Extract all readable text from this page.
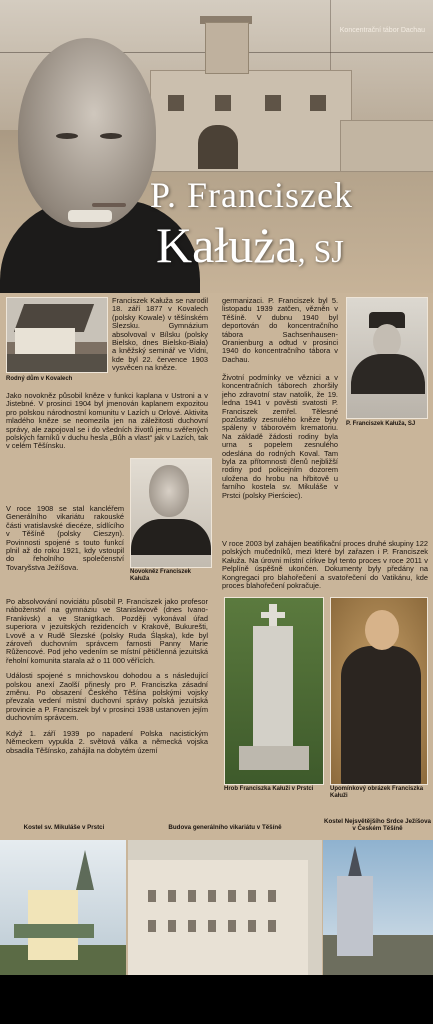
Koncentrační tábor Dachau
P. Franciszek
Kałuża, SJ
Rodný dům v Kovalech
Novokněz Franciszek Kałuža

Franciszek Kałuža se narodil 18. září 1877 v Kovalech (polsky Kowale) v těšínském Slezsku. Gymnázium absolvoval v Bílsku (polsky Bielsko, dnes Bielsko-Biała) a kněžský seminář ve Vídni, kde byl 22. července 1903 vysvěcen na kněze.

Jako novokněz působil kněze v funkci kaplana v Ustroni a v Jistebné. V prosinci 1904 byl jmenován kaplanem expozitou pro polskou národnostní komunitu v Lazích u Orlové. Aktivita mladého kněze se neomezila jen na záležitosti duchovní správy, ale zapojoval se i do všedních životů jemu svěřených polských farníků v duchu hesla „Bůh a vlast“ jak v Lazích, tak v celém Těšínsku.

V roce 1908 se stal kancléřem Generálního vikariátu rakouské části vratislavské diecéze, sídlícího v Těšíně (polsky Cieszyn). Povinnosti spojené s touto funkcí plnil až do roku 1921, kdy vstoupil do řeholního společenství Tovaryšstva Ježíšova.

Po absolvování noviciátu působil P. Franciszek jako profesor náboženství na gymnáziu ve Stanislavově (dnes Ivano-Frankivsk) a ve Stanigtkach. Později vykonával úřad superiora v jezuitských rezidencích v Krakově, Bukurešti, Lvově a v Rudě Slezské (polsky Ruda Śląska), kde byl zároveň duchovním správcem farnosti Panny Marie Růžencové. Pod jeho vedením se místní pětičlenná jezuitská řeholní komunita starala až o 11 000 věřících.

Události spojené s mnichovskou dohodou a s následující polskou anexí Zaolší přinesly pro P. Franciszka zásadní změnu. Po obsazení Českého Těšína polskými vojsky převzala vedení místní duchovní správy polská jezuitská provincie a P. Franciszek byl v prosinci 1938 ustanoven jejím duchovním správcem.

Když 1. září 1939 po napadení Polska nacistickým Německem vypukla 2. světová válka a německá vojska obsadila Těšínsko, zahájila na dobytém území

germanizaci. P. Franciszek byl 5. listopadu 1939 zatčen, vězněn v Těšíně. V dubnu 1940 byl deportován do koncentračního tábora Sachsenhausen-Oranienburg a odtud v prosinci 1940 do koncentračního tábora v Dachau.

P. Franciszek Kałuža, SJ

Životní podmínky ve věznici a v koncentračních táborech zhoršily jeho zdravotní stav natolik, že 19. ledna 1941 v pověsti svatosti P. Franciszek zemřel. Tělesné pozůstatky zesnulého kněze byly spáleny v táborovém krematoriu. Na základě žádosti rodiny byla urna s popelem zesnulého odeslána do rodných Koval. Tam byla za přítomnosti členů nejbližší rodiny pod policejním dozorem uložena do hrobu na hřbitově u farního kostela sv. Mikuláše v Prstci (polsky Pierściec).

V roce 2003 byl zahájen beatifikační proces druhé skupiny 122 polských mučedníků, mezi které byl zařazen i P. Franciszek Kałuža. Na úrovni místní církve byl tento proces v roce 2011 v Pelplíně úspěšně ukončen. Dokumenty byly předány na Kongregaci pro blahořečení a svatořečení do Vatikánu, kde proces blahořečení pokračuje.

Hrob Franciszka Kałuži v Prstci	Upomínkový obrázek Franciszka Kałuži
Kostel sv. Mikuláše v Prstci	Budova generálního vikariátu v Těšíně
Kostel Nejsvětějšího Srdce Ježíšova v Českém Těšíně
